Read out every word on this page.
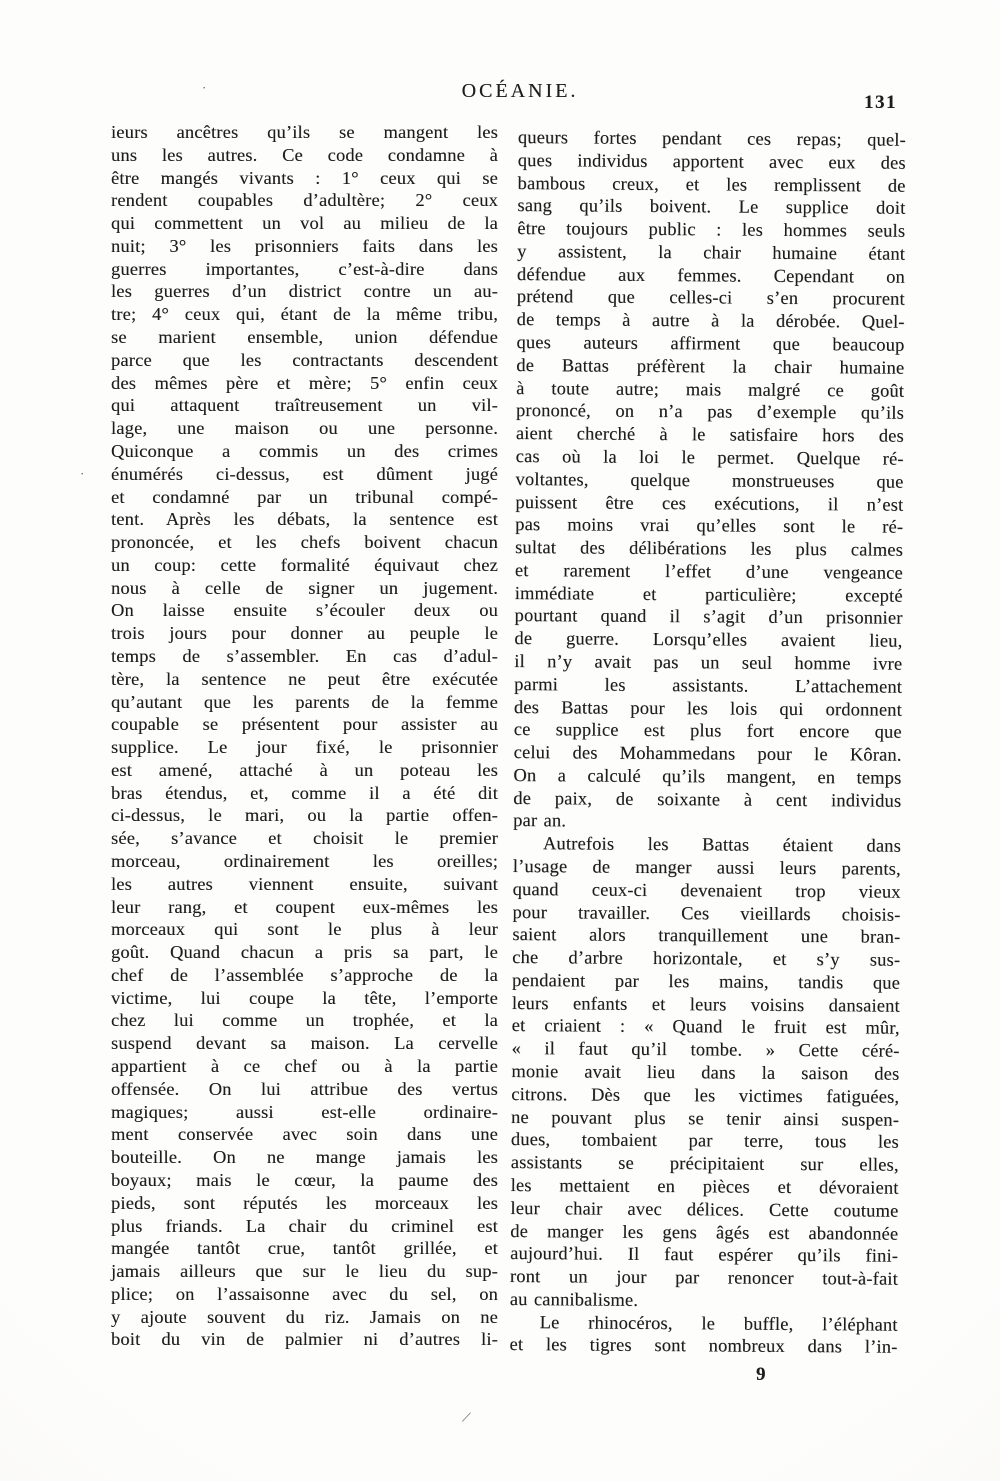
OCÉANIE.
131
ieurs ancêtres qu’ils se mangent les
uns les autres. Ce code condamne à
être mangés vivants : 1° ceux qui se
rendent coupables d’adultère; 2° ceux
qui commettent un vol au milieu de la
nuit; 3° les prisonniers faits dans les
guerres importantes, c’est-à-dire dans
les guerres d’un district contre un au-
tre; 4° ceux qui, étant de la même tribu,
se marient ensemble, union défendue
parce que les contractants descendent
des mêmes père et mère; 5° enfin ceux
qui attaquent traîtreusement un vil-
lage, une maison ou une personne.
Quiconque a commis un des crimes
énumérés ci-dessus, est dûment jugé
et condamné par un tribunal compé-
tent. Après les débats, la sentence est
prononcée, et les chefs boivent chacun
un coup: cette formalité équivaut chez
nous à celle de signer un jugement.
On laisse ensuite s’écouler deux ou
trois jours pour donner au peuple le
temps de s’assembler. En cas d’adul-
tère, la sentence ne peut être exécutée
qu’autant que les parents de la femme
coupable se présentent pour assister au
supplice. Le jour fixé, le prisonnier
est amené, attaché à un poteau les
bras étendus, et, comme il a été dit
ci-dessus, le mari, ou la partie offen-
sée, s’avance et choisit le premier
morceau, ordinairement les oreilles;
les autres viennent ensuite, suivant
leur rang, et coupent eux-mêmes les
morceaux qui sont le plus à leur
goût. Quand chacun a pris sa part, le
chef de l’assemblée s’approche de la
victime, lui coupe la tête, l’emporte
chez lui comme un trophée, et la
suspend devant sa maison. La cervelle
appartient à ce chef ou à la partie
offensée. On lui attribue des vertus
magiques; aussi est-elle ordinaire-
ment conservée avec soin dans une
bouteille. On ne mange jamais les
boyaux; mais le cœur, la paume des
pieds, sont réputés les morceaux les
plus friands. La chair du criminel est
mangée tantôt crue, tantôt grillée, et
jamais ailleurs que sur le lieu du sup-
plice; on l’assaisonne avec du sel, on
y ajoute souvent du riz. Jamais on ne
boit du vin de palmier ni d’autres li-
queurs fortes pendant ces repas; quel-
ques individus apportent avec eux des
bambous creux, et les remplissent de
sang qu’ils boivent. Le supplice doit
être toujours public : les hommes seuls
y assistent, la chair humaine étant
défendue aux femmes. Cependant on
prétend que celles-ci s’en procurent
de temps à autre à la dérobée. Quel-
ques auteurs affirment que beaucoup
de Battas préfèrent la chair humaine
à toute autre; mais malgré ce goût
prononcé, on n’a pas d’exemple qu’ils
aient cherché à le satisfaire hors des
cas où la loi le permet. Quelque ré-
voltantes, quelque monstrueuses que
puissent être ces exécutions, il n’est
pas moins vrai qu’elles sont le ré-
sultat des délibérations les plus calmes
et rarement l’effet d’une vengeance
immédiate et particulière; excepté
pourtant quand il s’agit d’un prisonnier
de guerre. Lorsqu’elles avaient lieu,
il n’y avait pas un seul homme ivre
parmi les assistants. L’attachement
des Battas pour les lois qui ordonnent
ce supplice est plus fort encore que
celui des Mohammedans pour le Kôran.
On a calculé qu’ils mangent, en temps
de paix, de soixante à cent individus
par an.
Autrefois les Battas étaient dans
l’usage de manger aussi leurs parents,
quand ceux-ci devenaient trop vieux
pour travailler. Ces vieillards choisis-
saient alors tranquillement une bran-
che d’arbre horizontale, et s’y sus-
pendaient par les mains, tandis que
leurs enfants et leurs voisins dansaient
et criaient : « Quand le fruit est mûr,
« il faut qu’il tombe. » Cette céré-
monie avait lieu dans la saison des
citrons. Dès que les victimes fatiguées,
ne pouvant plus se tenir ainsi suspen-
dues, tombaient par terre, tous les
assistants se précipitaient sur elles,
les mettaient en pièces et dévoraient
leur chair avec délices. Cette coutume
de manger les gens âgés est abandonnée
aujourd’hui. Il faut espérer qu’ils fini-
ront un jour par renoncer tout-à-fait
au cannibalisme.
Le rhinocéros, le buffle, l’éléphant
et les tigres sont nombreux dans l’in-
9
·
⁄
·
